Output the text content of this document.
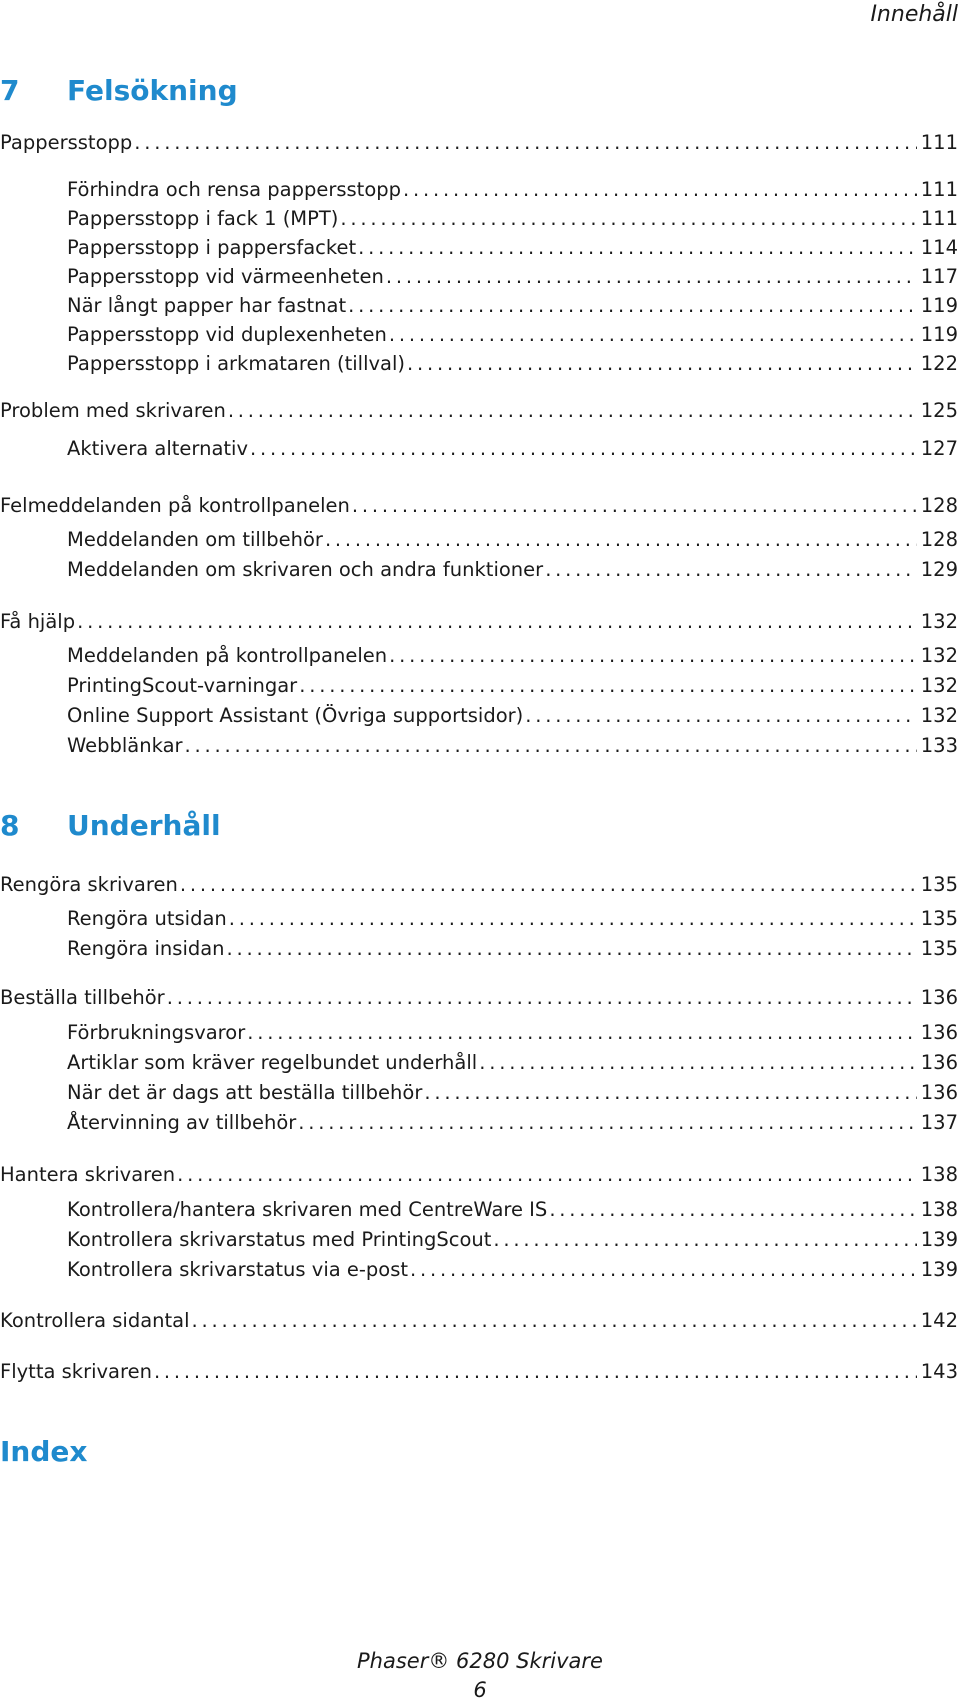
Innehåll
7	Felsökning
Pappersstopp . . .	111
Förhindra och rensa pappersstopp . . .	111
Pappersstopp i fack 1 (MPT) . . .	111
Pappersstopp i pappersfacket . . .	114
Pappersstopp vid värmeenheten . . .	117
När långt papper har fastnat . . .	119
Pappersstopp vid duplexenheten . . .	119
Pappersstopp i arkmataren (tillval) . . .	122
Problem med skrivaren . . .	125
Aktivera alternativ . . .	127
Felmeddelanden på kontrollpanelen . . .	128
Meddelanden om tillbehör . . .	128
Meddelanden om skrivaren och andra funktioner . . .	129
Få hjälp . . .	132
Meddelanden på kontrollpanelen . . .	132
PrintingScout-varningar . . .	132
Online Support Assistant (Övriga supportsidor) . . .	132
Webblänkar . . .	133
8	Underhåll
Rengöra skrivaren . . .	135
Rengöra utsidan . . .	135
Rengöra insidan . . .	135
Beställa tillbehör . . .	136
Förbrukningsvaror . . .	136
Artiklar som kräver regelbundet underhåll . . .	136
När det är dags att beställa tillbehör . . .	136
Återvinning av tillbehör . . .	137
Hantera skrivaren . . .	138
Kontrollera/hantera skrivaren med CentreWare IS . . .	138
Kontrollera skrivarstatus med PrintingScout . . .	139
Kontrollera skrivarstatus via e-post . . .	139
Kontrollera sidantal . . .	142
Flytta skrivaren . . .	143
Index
Phaser® 6280 Skrivare
6
